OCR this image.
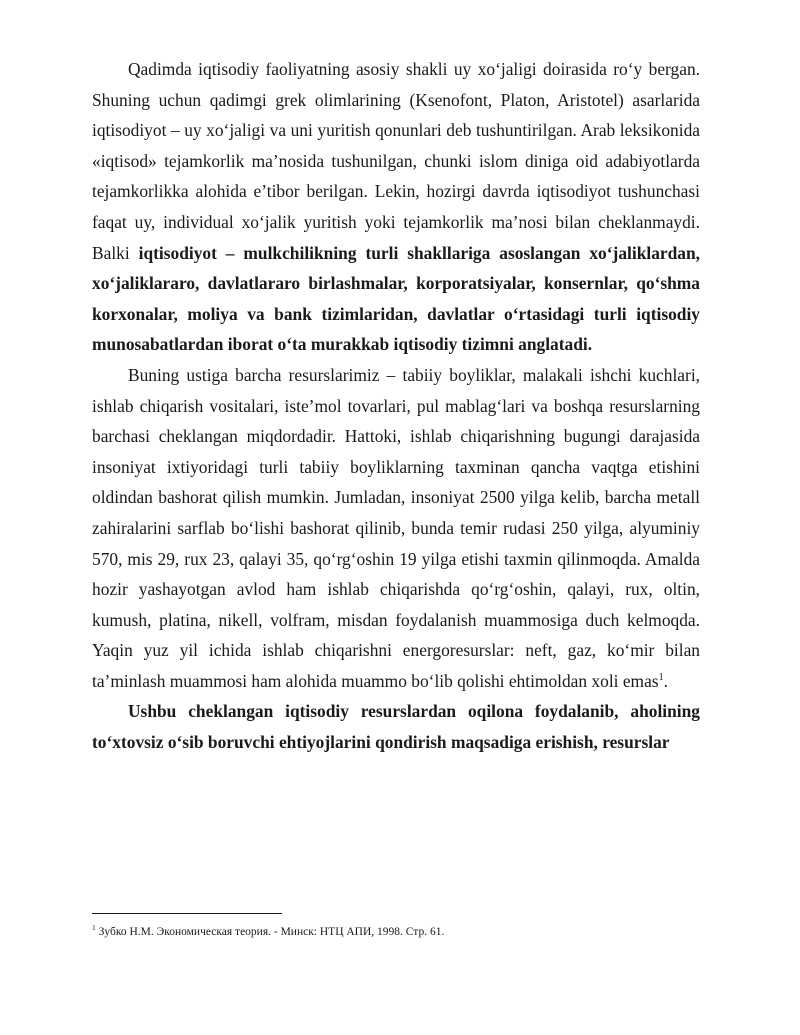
Qadimda iqtisodiy faoliyatning asosiy shakli uy xo‘jaligi doirasida ro‘y bergan. Shuning uchun qadimgi grek olimlarining (Ksenofont, Platon, Aristotel) asarlarida iqtisodiyot – uy xo‘jaligi va uni yuritish qonunlari deb tushuntirilgan. Arab leksikonida «iqtisod» tejamkorlik ma’nosida tushunilgan, chunki islom diniga oid adabiyotlarda tejamkorlikka alohida e’tibor berilgan. Lekin, hozirgi davrda iqtisodiyot tushunchasi faqat uy, individual xo‘jalik yuritish yoki tejamkorlik ma’nosi bilan cheklanmaydi. Balki iqtisodiyot – mulkchilikning turli shakllariga asoslangan xo‘jaliklardan, xo‘jaliklararo, davlatlararo birlashmalar, korporatsiyalar, konsernlar, qo‘shma korxonalar, moliya va bank tizimlaridan, davlatlar o‘rtasidagi turli iqtisodiy munosabatlardan iborat o‘ta murakkab iqtisodiy tizimni anglatadi.

Buning ustiga barcha resurslarimiz – tabiiy boyliklar, malakali ishchi kuchlari, ishlab chiqarish vositalari, iste’mol tovarlari, pul mablag‘lari va boshqa resurslarning barchasi cheklangan miqdordadir. Hattoki, ishlab chiqarishning bugungi darajasida insoniyat ixtiyoridagi turli tabiiy boyliklarning taxminan qancha vaqtga etishini oldindan bashorat qilish mumkin. Jumladan, insoniyat 2500 yilga kelib, barcha metall zahiralarini sarflab bo‘lishi bashorat qilinib, bunda temir rudasi 250 yilga, alyuminiy 570, mis 29, rux 23, qalayi 35, qo‘rg‘oshin 19 yilga etishi taxmin qilinmoqda. Amalda hozir yashayotgan avlod ham ishlab chiqarishda qo‘rg‘oshin, qalayi, rux, oltin, kumush, platina, nikell, volfram, misdan foydalanish muammosiga duch kelmoqda. Yaqin yuz yil ichida ishlab chiqarishni energoresurslar: neft, gaz, ko‘mir bilan ta’minlash muammosi ham alohida muammo bo‘lib qolishi ehtimoldan xoli emas$^1$.

Ushbu cheklangan iqtisodiy resurslardan oqilona foydalanib, aholining to‘xtovsiz o‘sib boruvchi ehtiyojlarini qondirish maqsadiga erishish, resurslar

$^1$ Зубко Н.М. Экономическая теория. - Минск: НТЦ АПИ, 1998. Стр. 61.
